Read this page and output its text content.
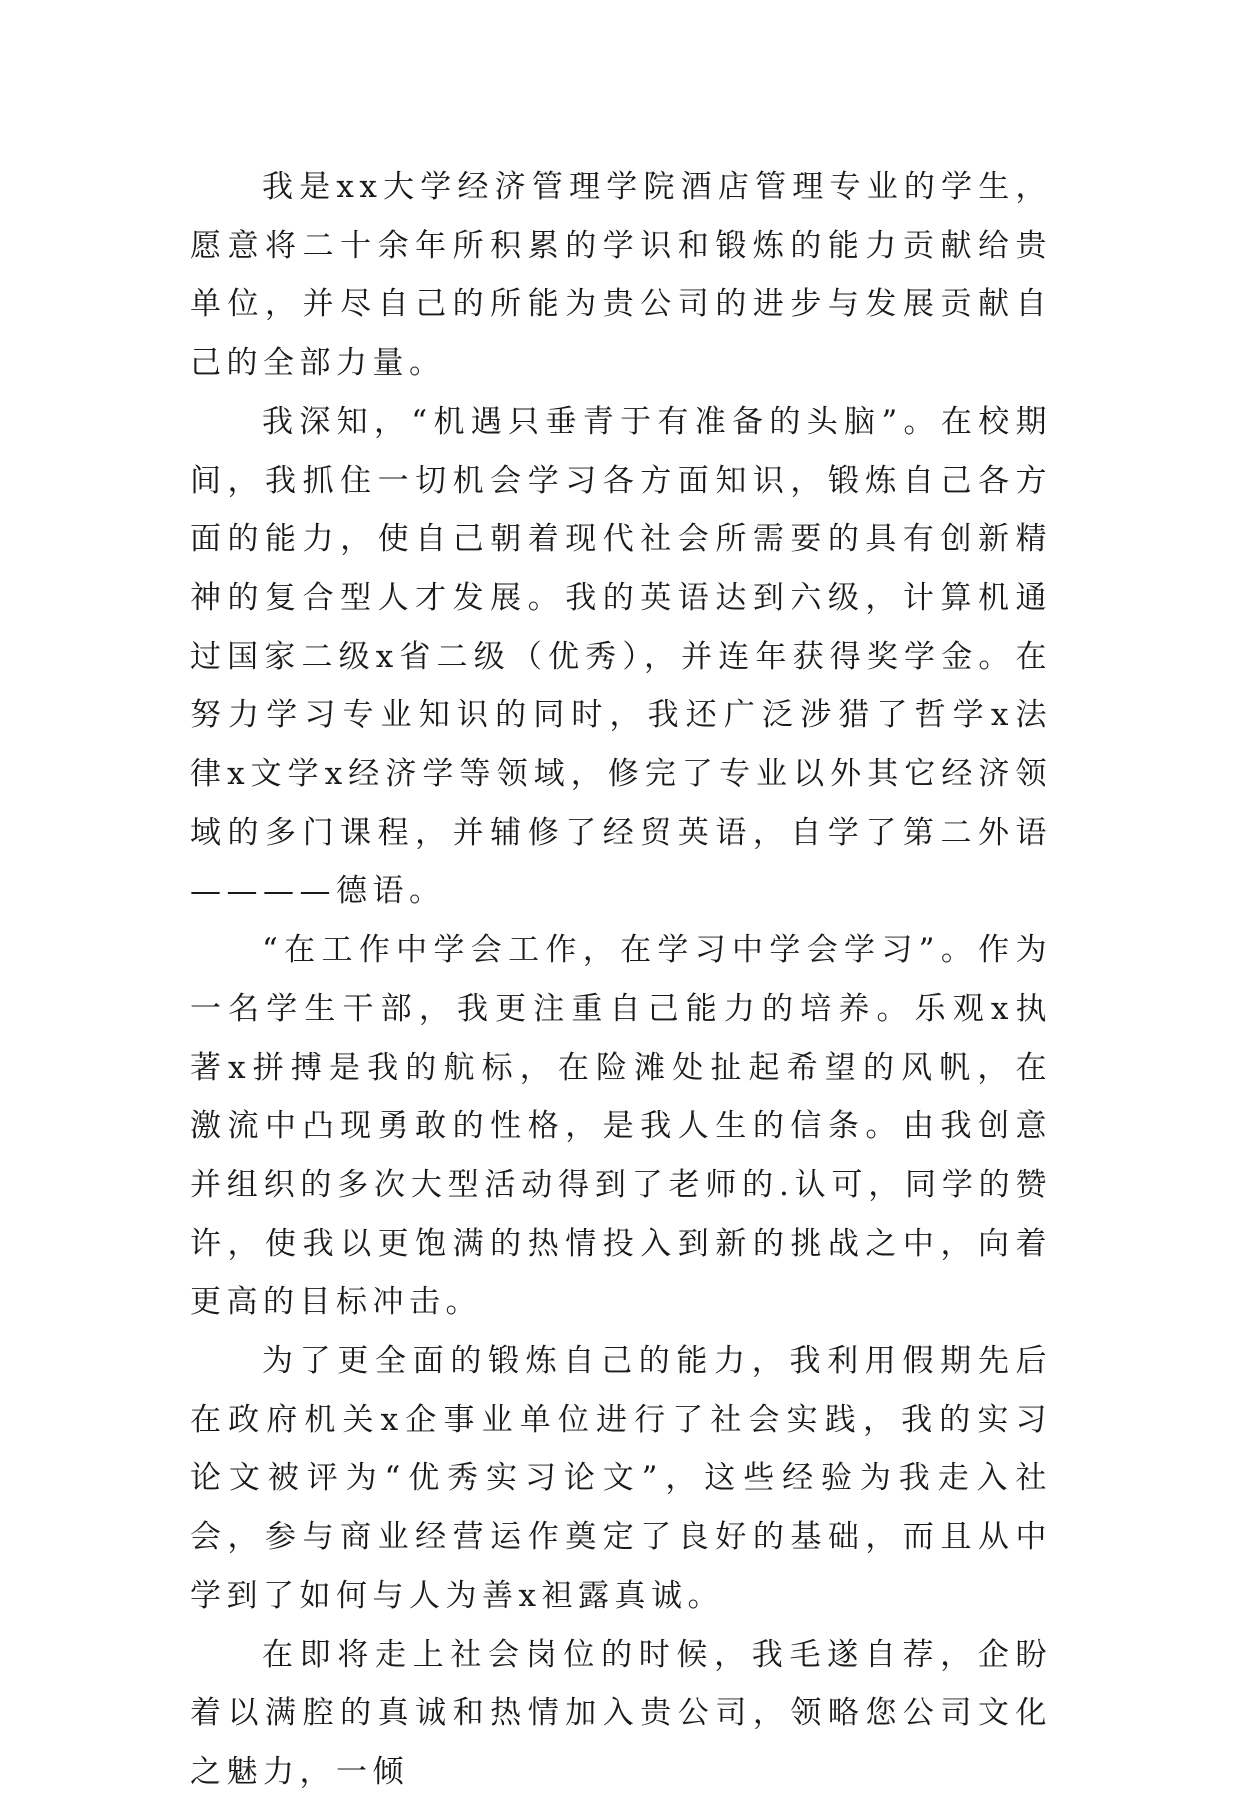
我是xx大学经济管理学院酒店管理专业的学生，愿意将二十余年所积累的学识和锻炼的能力贡献给贵单位，并尽自己的所能为贵公司的进步与发展贡献自己的全部力量。

我深知，“机遇只垂青于有准备的头脑”。在校期间，我抓住一切机会学习各方面知识，锻炼自己各方面的能力，使自己朝着现代社会所需要的具有创新精神的复合型人才发展。我的英语达到六级，计算机通过国家二级x省二级（优秀），并连年获得奖学金。在努力学习专业知识的同时，我还广泛涉猎了哲学x法律x文学x经济学等领域，修完了专业以外其它经济领域的多门课程，并辅修了经贸英语，自学了第二外语————德语。

“在工作中学会工作，在学习中学会学习”。作为一名学生干部，我更注重自己能力的培养。乐观x执著x拼搏是我的航标，在险滩处扯起希望的风帆，在激流中凸现勇敢的性格，是我人生的信条。由我创意并组织的多次大型活动得到了老师的.认可，同学的赞许，使我以更饱满的热情投入到新的挑战之中，向着更高的目标冲击。

为了更全面的锻炼自己的能力，我利用假期先后在政府机关x企事业单位进行了社会实践，我的实习论文被评为“优秀实习论文”，这些经验为我走入社会，参与商业经营运作奠定了良好的基础，而且从中学到了如何与人为善x袒露真诚。

在即将走上社会岗位的时候，我毛遂自荐，企盼着以满腔的真诚和热情加入贵公司，领略您公司文化之魅力，一倾
